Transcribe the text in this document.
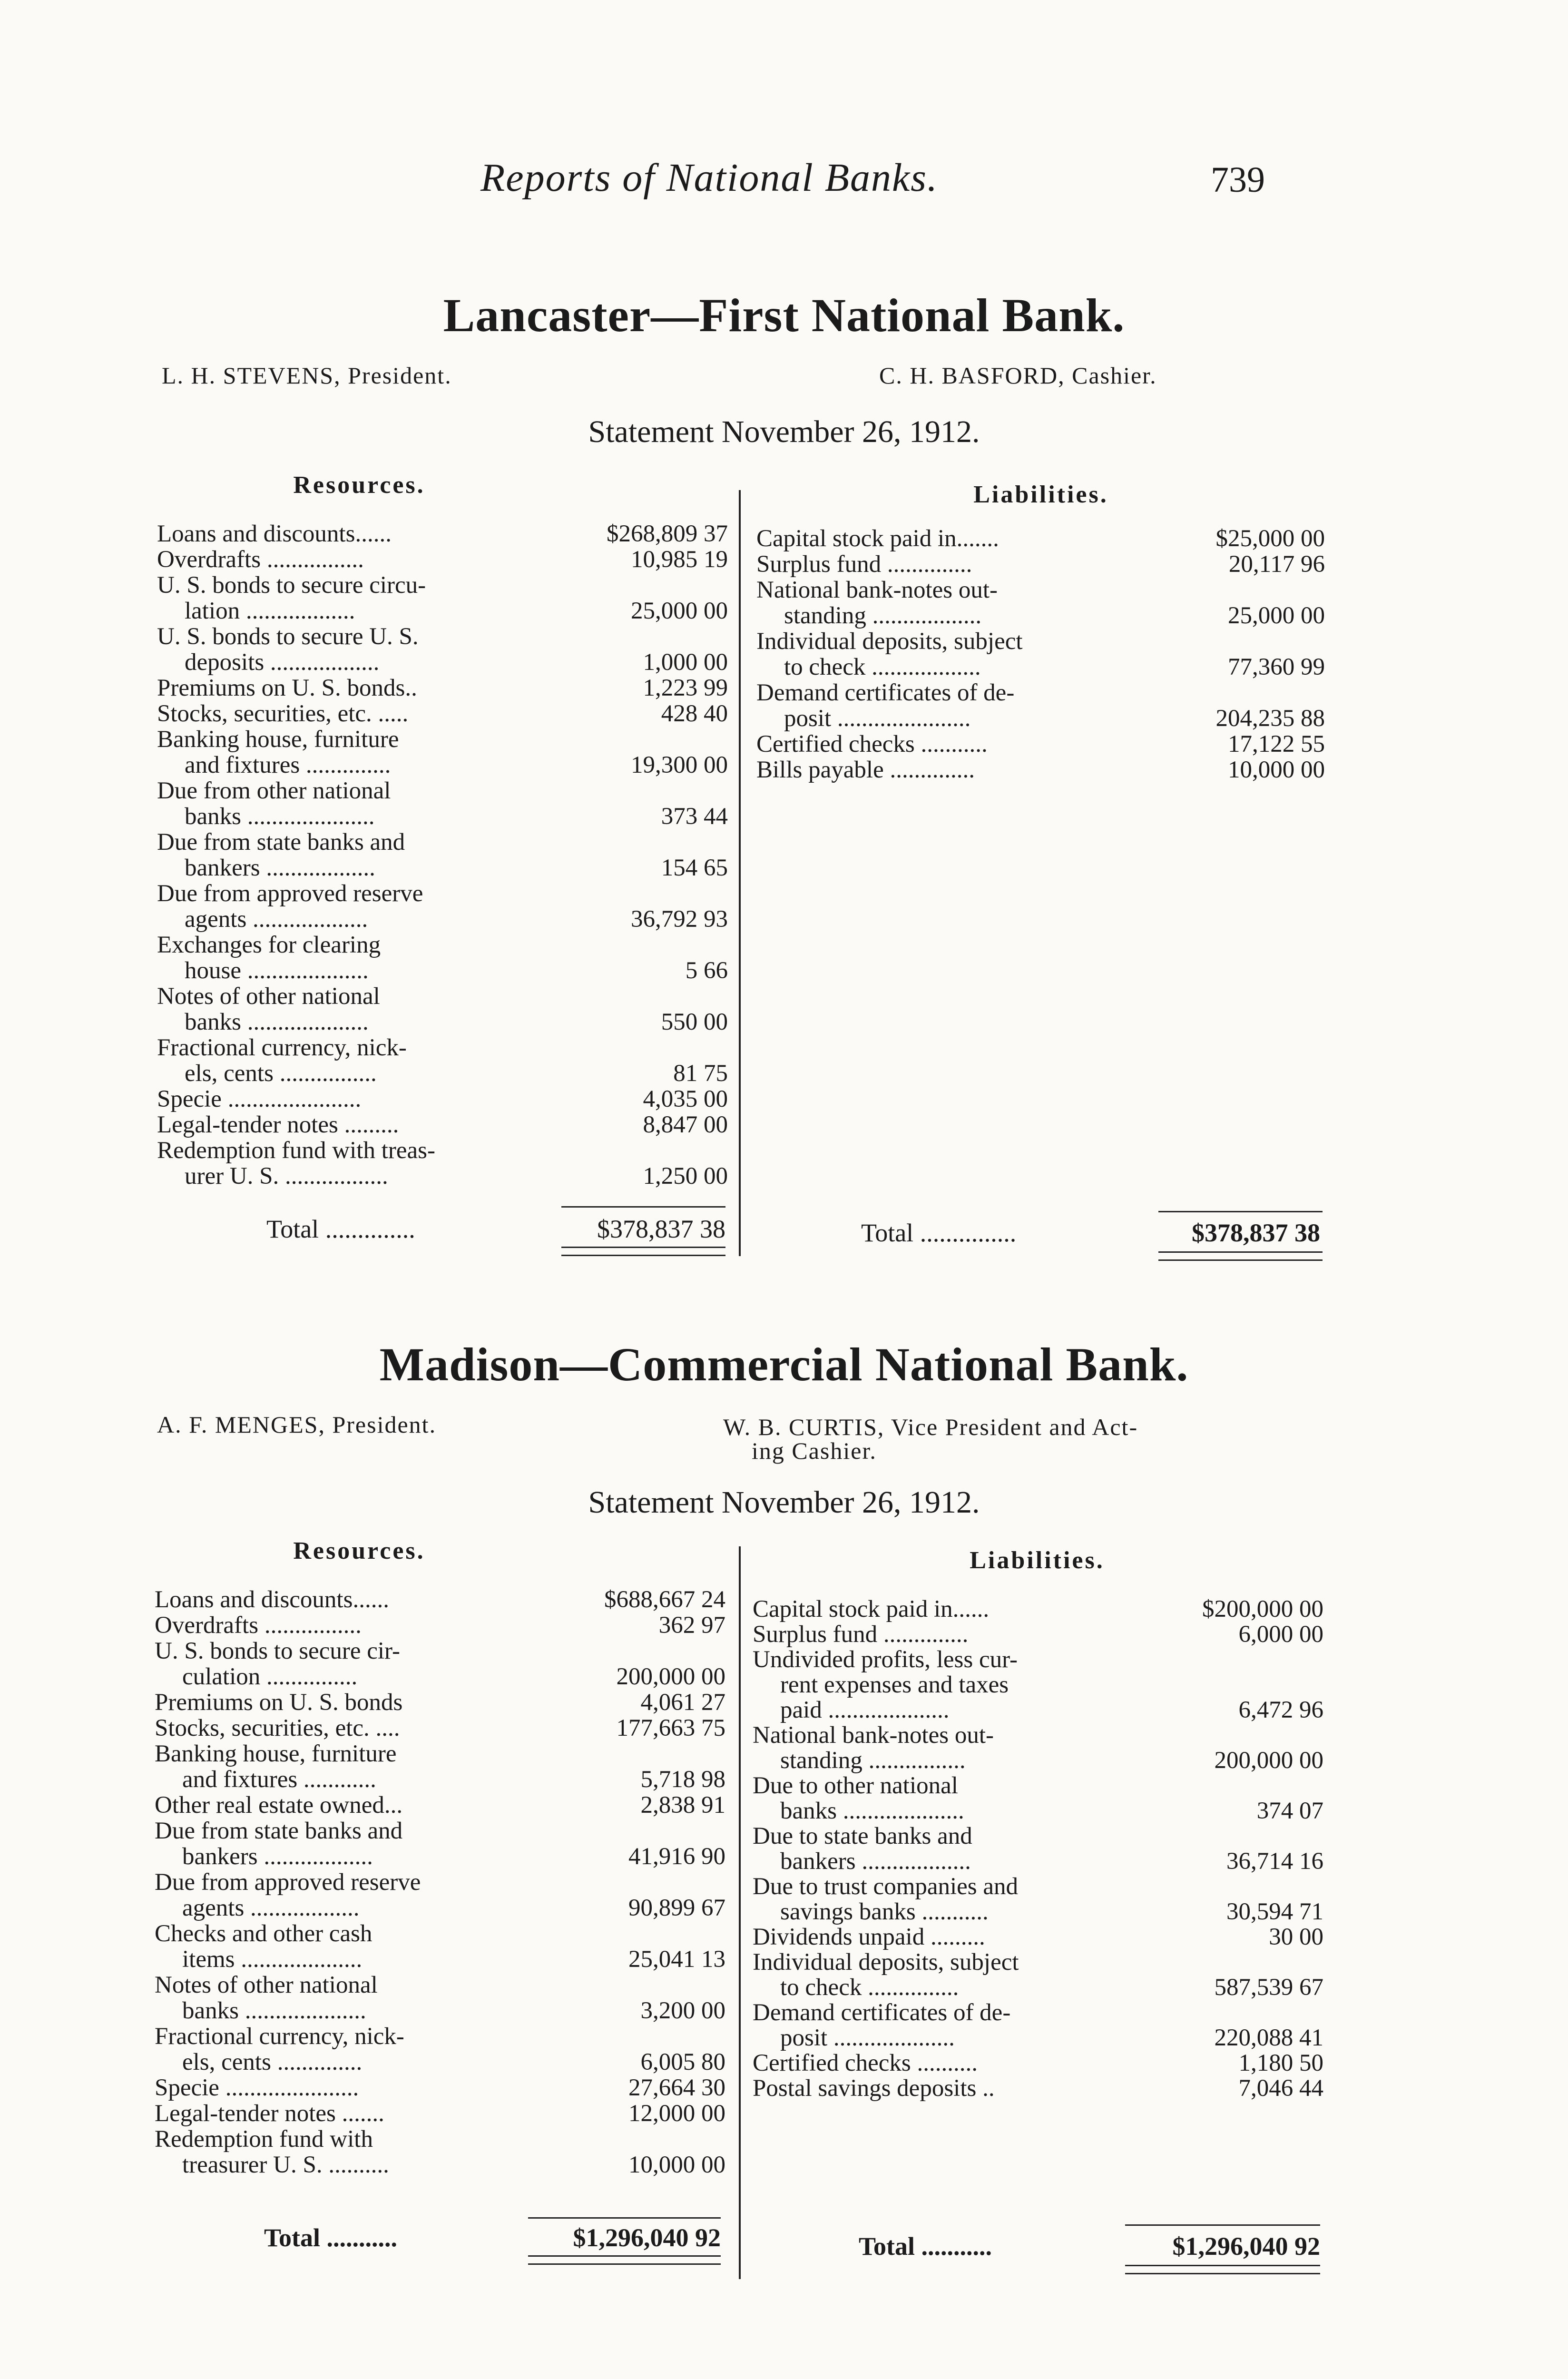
Reports of National Banks.	739
Lancaster—First National Bank.
L. H. STEVENS, President.	C. H. BASFORD, Cashier.
Statement November 26, 1912.
Resources.	Liabilities.
Loans and discounts......	$268,809 37
Overdrafts ................	10,985 19
U. S. bonds to secure circu-
lation ..................	25,000 00
U. S. bonds to secure U. S.
deposits ..................	1,000 00
Premiums on U. S. bonds..	1,223 99
Stocks, securities, etc. .....	428 40
Banking house, furniture
and fixtures ..............	19,300 00
Due from other national
banks .....................	373 44
Due from state banks and
bankers ..................	154 65
Due from approved reserve
agents ...................	36,792 93
Exchanges for clearing
house ....................	5 66
Notes of other national
banks ....................	550 00
Fractional currency, nick-
els, cents ................	81 75
Specie ......................	4,035 00
Legal-tender notes .........	8,847 00
Redemption fund with treas-
urer U. S. .................	1,250 00
Capital stock paid in.......	$25,000 00
Surplus fund ..............	20,117 96
National bank-notes out-
standing ..................	25,000 00
Individual deposits, subject
to check ..................	77,360 99
Demand certificates of de-
posit ......................	204,235 88
Certified checks ...........	17,122 55
Bills payable ..............	10,000 00
Total ..............	$378,837 38	Total ...............	$378,837 38
Madison—Commercial National Bank.
A. F. MENGES, President.	W. B. CURTIS, Vice President and Act-
ing Cashier.
Statement November 26, 1912.
Resources.	Liabilities.
Loans and discounts......	$688,667 24
Overdrafts ................	362 97
U. S. bonds to secure cir-
culation ...............	200,000 00
Premiums on U. S. bonds	4,061 27
Stocks, securities, etc. ....	177,663 75
Banking house, furniture
and fixtures ............	5,718 98
Other real estate owned...	2,838 91
Due from state banks and
bankers ..................	41,916 90
Due from approved reserve
agents ..................	90,899 67
Checks and other cash
items ....................	25,041 13
Notes of other national
banks ....................	3,200 00
Fractional currency, nick-
els, cents ..............	6,005 80
Specie ......................	27,664 30
Legal-tender notes .......	12,000 00
Redemption fund with
treasurer U. S. ..........	10,000 00
Capital stock paid in......	$200,000 00
Surplus fund ..............	6,000 00
Undivided profits, less cur-
rent expenses and taxes
paid ....................	6,472 96
National bank-notes out-
standing ................	200,000 00
Due to other national
banks ....................	374 07
Due to state banks and
bankers ..................	36,714 16
Due to trust companies and
savings banks ...........	30,594 71
Dividends unpaid .........	30 00
Individual deposits, subject
to check ...............	587,539 67
Demand certificates of de-
posit ....................	220,088 41
Certified checks ..........	1,180 50
Postal savings deposits ..	7,046 44
Total ...........	$1,296,040 92	Total ...........	$1,296,040 92
